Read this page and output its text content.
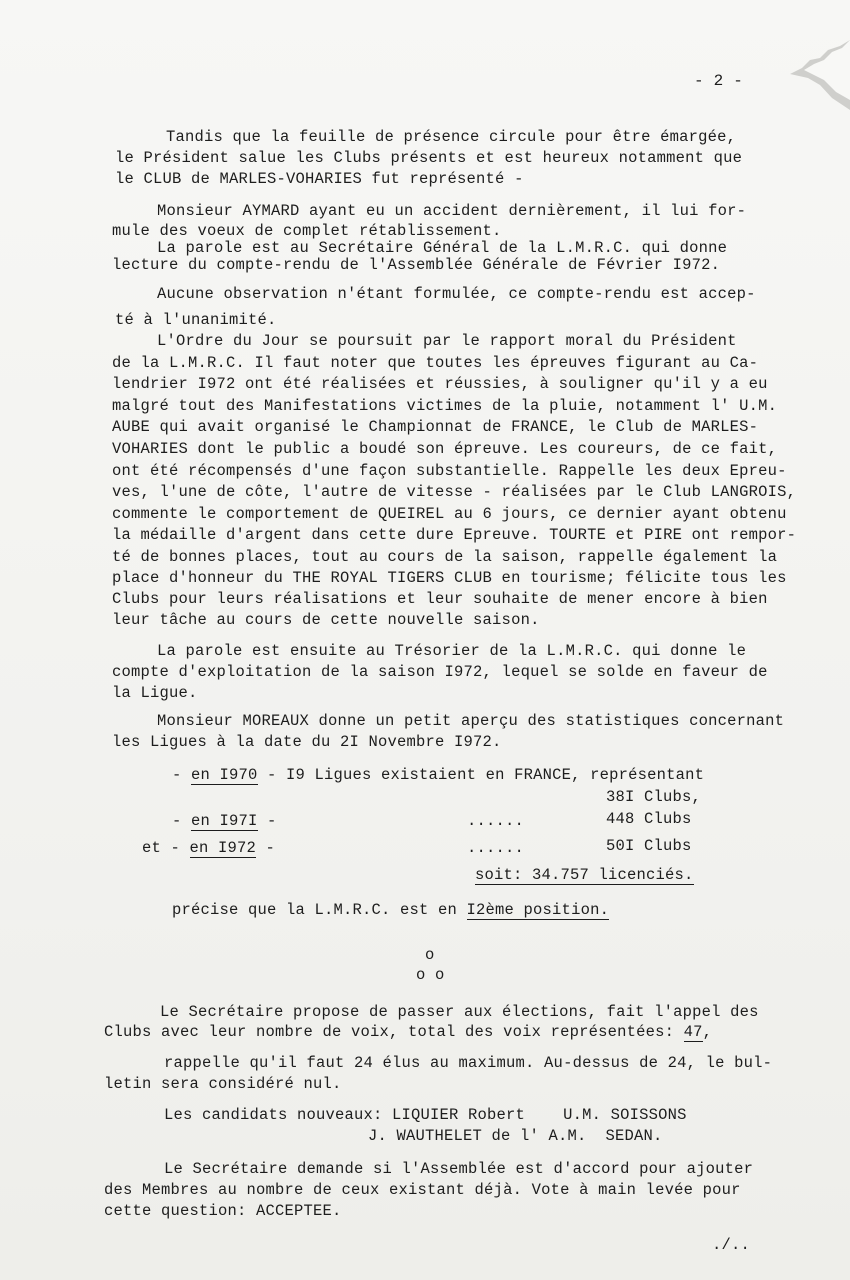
- 2 -
Tandis que la feuille de présence circule pour être émargée,
le Président salue les Clubs présents et est heureux notamment que
le CLUB de MARLES-VOHARIES fut représenté -
Monsieur AYMARD ayant eu un accident dernièrement, il lui for-
mule des voeux de complet rétablissement.
La parole est au Secrétaire Général de la L.M.R.C. qui donne
lecture du compte-rendu de l'Assemblée Générale de Février I972.
Aucune observation n'étant formulée, ce compte-rendu est accep-
té à l'unanimité.
L'Ordre du Jour se poursuit par le rapport moral du Président
de la L.M.R.C. Il faut noter que toutes les épreuves figurant au Ca-
lendrier I972 ont été réalisées et réussies, à souligner qu'il y a eu
malgré tout des Manifestations victimes de la pluie, notamment l' U.M.
AUBE qui avait organisé le Championnat de FRANCE, le Club de MARLES-
VOHARIES dont le public a boudé son épreuve. Les coureurs, de ce fait,
ont été récompensés d'une façon substantielle. Rappelle les deux Epreu-
ves, l'une de côte, l'autre de vitesse - réalisées par le Club LANGROIS,
commente le comportement de QUEIREL au 6 jours, ce dernier ayant obtenu
la médaille d'argent dans cette dure Epreuve. TOURTE et PIRE ont rempor-
té de bonnes places, tout au cours de la saison, rappelle également la
place d'honneur du THE ROYAL TIGERS CLUB en tourisme; félicite tous les
Clubs pour leurs réalisations et leur souhaite de mener encore à bien
leur tâche au cours de cette nouvelle saison.
La parole est ensuite au Trésorier de la L.M.R.C. qui donne le
compte d'exploitation de la saison I972, lequel se solde en faveur de
la Ligue.
Monsieur MOREAUX donne un petit aperçu des statistiques concernant
les Ligues à la date du 2I Novembre I972.
- en I970 - I9 Ligues existaient en FRANCE, représentant
38I Clubs,
- en I97I -	......	448 Clubs
et - en I972 -	......	50I Clubs
soit: 34.757 licenciés.
précise que la L.M.R.C. est en I2ème position.
o
o o
Le Secrétaire propose de passer aux élections, fait l'appel des
Clubs avec leur nombre de voix, total des voix représentées: 47,
rappelle qu'il faut 24 élus au maximum. Au-dessus de 24, le bul-
letin sera considéré nul.
Les candidats nouveaux: LIQUIER Robert    U.M. SOISSONS
J. WAUTHELET de l' A.M.  SEDAN.
Le Secrétaire demande si l'Assemblée est d'accord pour ajouter
des Membres au nombre de ceux existant déjà. Vote à main levée pour
cette question: ACCEPTEE.
./..
